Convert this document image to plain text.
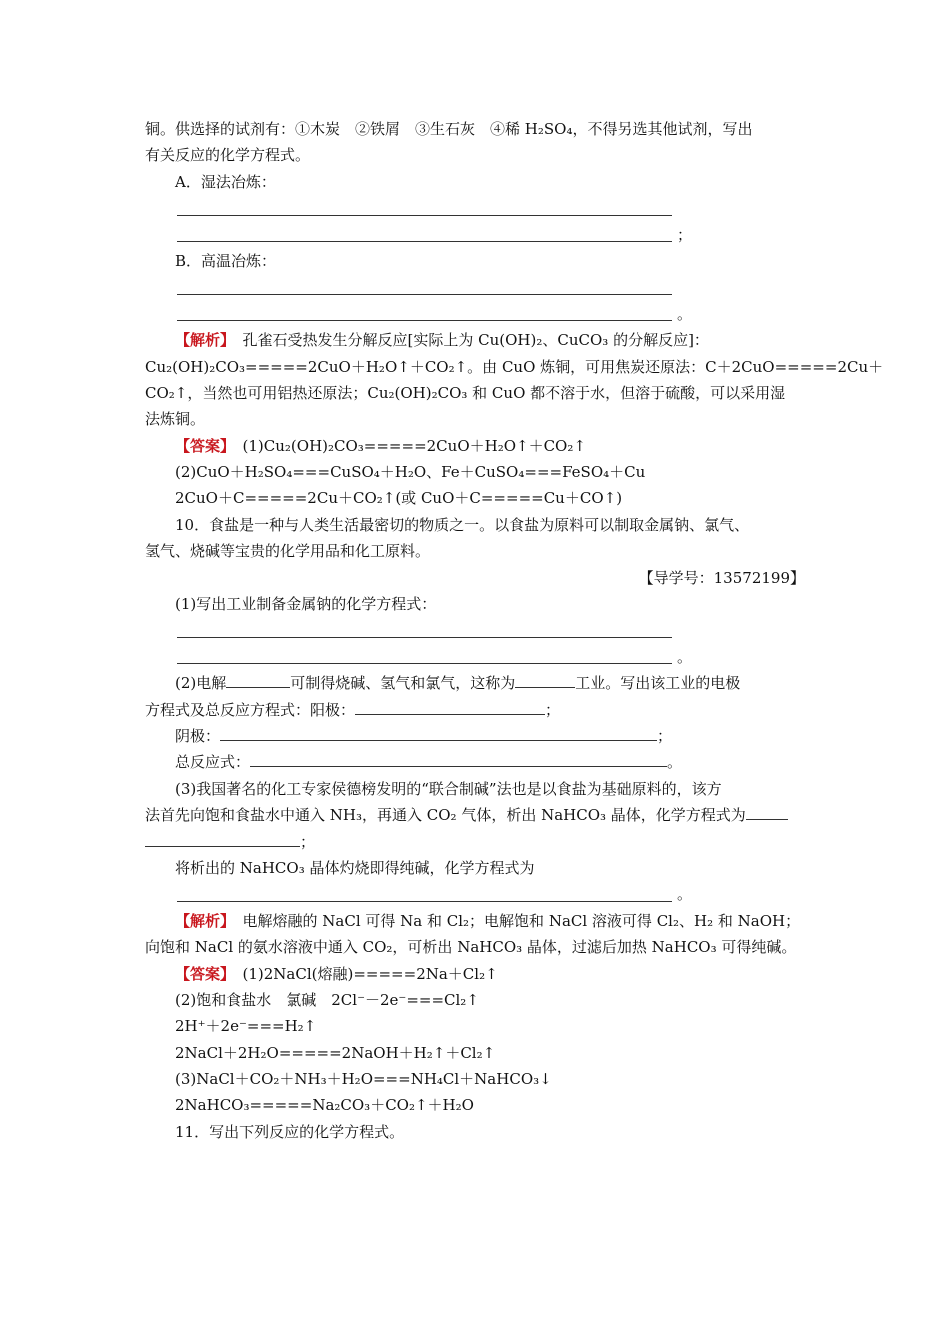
铜。供选择的试剂有：①木炭　②铁屑　③生石灰　④稀 H₂SO₄，不得另选其他试剂，写出
有关反应的化学方程式。
A．湿法冶炼：
；
B．高温冶炼：
。
【解析】　孔雀石受热发生分解反应[实际上为 Cu(OH)₂、CuCO₃ 的分解反应]：
Cu₂(OH)₂CO₃=====2CuO＋H₂O↑＋CO₂↑。由 CuO 炼铜，可用焦炭还原法：C＋2CuO=====2Cu＋
CO₂↑，当然也可用铝热还原法；Cu₂(OH)₂CO₃ 和 CuO 都不溶于水，但溶于硫酸，可以采用湿
法炼铜。
【答案】　(1)Cu₂(OH)₂CO₃=====2CuO＋H₂O↑＋CO₂↑
(2)CuO＋H₂SO₄===CuSO₄＋H₂O、Fe＋CuSO₄===FeSO₄＋Cu
2CuO＋C=====2Cu＋CO₂↑(或 CuO＋C=====Cu＋CO↑)
10．食盐是一种与人类生活最密切的物质之一。以食盐为原料可以制取金属钠、氯气、
氢气、烧碱等宝贵的化学用品和化工原料。
【导学号：13572199】
(1)写出工业制备金属钠的化学方程式：
。
(2)电解	可制得烧碱、氢气和氯气，这称为	工业。写出该工业的电极
方程式及总反应方程式：阳极：	；
阴极：	；
总反应式：	。
(3)我国著名的化工专家侯德榜发明的“联合制碱”法也是以食盐为基础原料的，该方
法首先向饱和食盐水中通入 NH₃，再通入 CO₂ 气体，析出 NaHCO₃ 晶体，化学方程式为
；
将析出的 NaHCO₃ 晶体灼烧即得纯碱，化学方程式为
。
【解析】　电解熔融的 NaCl 可得 Na 和 Cl₂；电解饱和 NaCl 溶液可得 Cl₂、H₂ 和 NaOH；
向饱和 NaCl 的氨水溶液中通入 CO₂，可析出 NaHCO₃ 晶体，过滤后加热 NaHCO₃ 可得纯碱。
【答案】　(1)2NaCl(熔融)=====2Na＋Cl₂↑
(2)饱和食盐水　氯碱　2Cl⁻－2e⁻===Cl₂↑
2H⁺＋2e⁻===H₂↑
2NaCl＋2H₂O=====2NaOH＋H₂↑＋Cl₂↑
(3)NaCl＋CO₂＋NH₃＋H₂O===NH₄Cl＋NaHCO₃↓
2NaHCO₃=====Na₂CO₃＋CO₂↑＋H₂O
11．写出下列反应的化学方程式。
